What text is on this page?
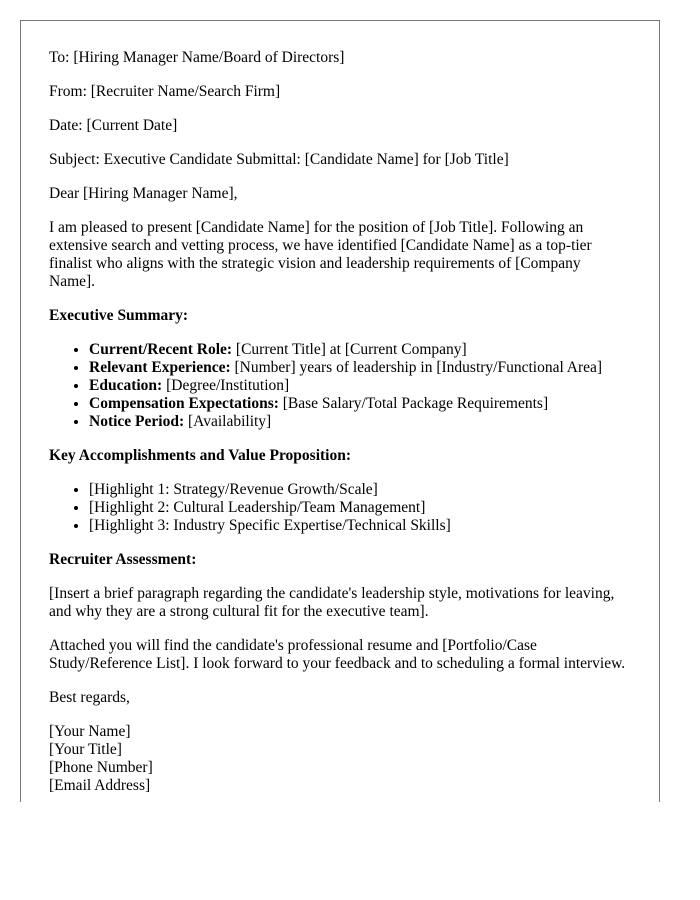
To: [Hiring Manager Name/Board of Directors]

From: [Recruiter Name/Search Firm]

Date: [Current Date]

Subject: Executive Candidate Submittal: [Candidate Name] for [Job Title]

Dear [Hiring Manager Name],

I am pleased to present [Candidate Name] for the position of [Job Title]. Following an extensive search and vetting process, we have identified [Candidate Name] as a top-tier finalist who aligns with the strategic vision and leadership requirements of [Company Name].

Executive Summary:

• Current/Recent Role: [Current Title] at [Current Company]
• Relevant Experience: [Number] years of leadership in [Industry/Functional Area]
• Education: [Degree/Institution]
• Compensation Expectations: [Base Salary/Total Package Requirements]
• Notice Period: [Availability]

Key Accomplishments and Value Proposition:

• [Highlight 1: Strategy/Revenue Growth/Scale]
• [Highlight 2: Cultural Leadership/Team Management]
• [Highlight 3: Industry Specific Expertise/Technical Skills]

Recruiter Assessment:

[Insert a brief paragraph regarding the candidate's leadership style, motivations for leaving, and why they are a strong cultural fit for the executive team].

Attached you will find the candidate's professional resume and [Portfolio/Case Study/Reference List]. I look forward to your feedback and to scheduling a formal interview.

Best regards,

[Your Name]
[Your Title]
[Phone Number]
[Email Address]
